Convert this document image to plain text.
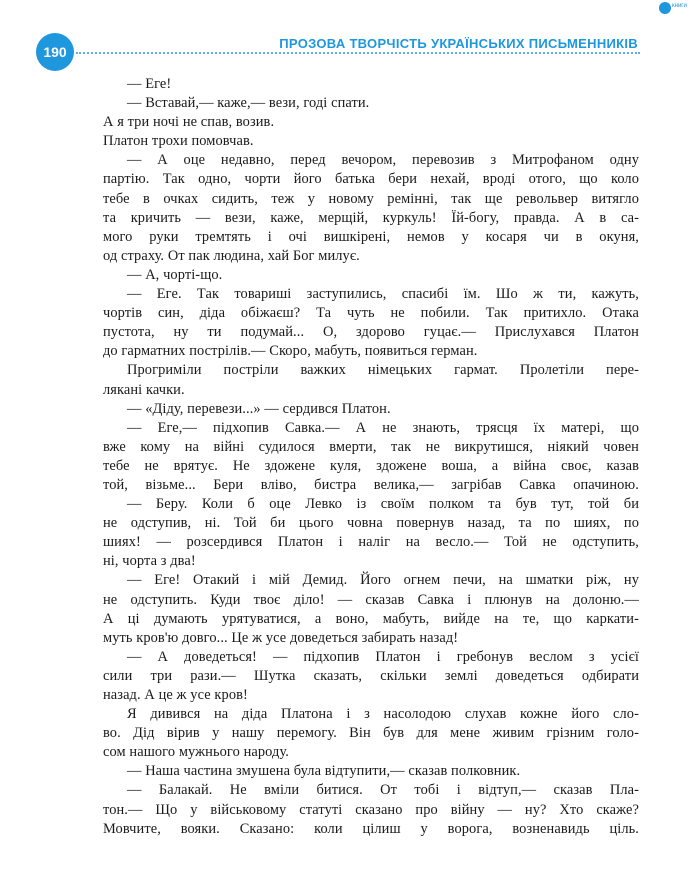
книги
190
ПРОЗОВА ТВОРЧІСТЬ УКРАЇНСЬКИХ ПИСЬМЕННИКІВ
— Еге!
— Вставай,— каже,— вези, годі спати.
А я три ночі не спав, возив.
Платон трохи помовчав.
— А оце недавно, перед вечором, перевозив з Митрофаном одну
партію. Так одно, чорти його батька бери нехай, вроді отого, що коло
тебе в очках сидить, теж у новому ремінні, так ще револьвер витягло
та кричить — вези, каже, мерщій, куркуль! Їй-богу, правда. А в са-
мого руки тремтять і очі вишкірені, немов у косаря чи в окуня,
од страху. От пак людина, хай Бог милує.
— А, чорті-що.
— Еге. Так товариші заступились, спасибі їм. Шо ж ти, кажуть,
чортів син, діда обіжаєш? Та чуть не побили. Так притихло. Отака
пустота, ну ти подумай... О, здорово гуцає.— Прислухався Платон
до гарматних пострілів.— Скоро, мабуть, появиться герман.
Прогриміли постріли важких німецьких гармат. Пролетіли пере-
лякані качки.
— «Діду, перевези...» — сердився Платон.
— Еге,— підхопив Савка.— А не знають, трясця їх матері, що
вже кому на війні судилося вмерти, так не викрутишся, ніякий човен
тебе не врятує. Не здожене куля, здожене воша, а війна своє, казав
той, візьме... Бери вліво, бистра велика,— загрібав Савка опачиною.
— Беру. Коли б оце Левко із своїм полком та був тут, той би
не одступив, ні. Той би цього човна повернув назад, та по шиях, по
шиях! — розсердився Платон і наліг на весло.— Той не одступить,
ні, чорта з два!
— Еге! Отакий і мій Демид. Його огнем печи, на шматки ріж, ну
не одступить. Куди твоє діло! — сказав Савка і плюнув на долоню.—
А ці думають урятуватися, а воно, мабуть, вийде на те, що каркати-
муть кров'ю довго... Це ж усе доведеться забирать назад!
— А доведеться! — підхопив Платон і гребонув веслом з усієї
сили три рази.— Шутка сказать, скільки землі доведеться одбирати
назад. А це ж усе кров!
Я дивився на діда Платона і з насолодою слухав кожне його сло-
во. Дід вірив у нашу перемогу. Він був для мене живим грізним голо-
сом нашого мужнього народу.
— Наша частина змушена була відтупити,— сказав полковник.
— Балакай. Не вміли битися. От тобі і відтуп,— сказав Пла-
тон.— Що у військовому статуті сказано про війну — ну? Хто скаже?
Мовчите, вояки. Сказано: коли цілиш у ворога, возненавидь ціль.
